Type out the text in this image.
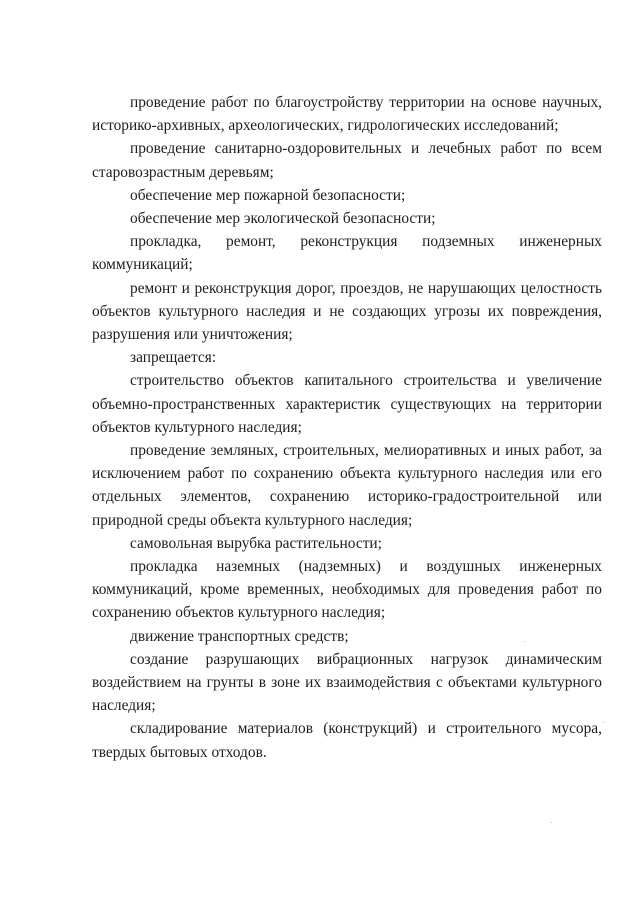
проведение работ по благоустройству территории на основе научных, историко-архивных, археологических, гидрологических исследований;

проведение санитарно-оздоровительных и лечебных работ по всем старовозрастным деревьям;

обеспечение мер пожарной безопасности;

обеспечение мер экологической безопасности;

прокладка, ремонт, реконструкция подземных инженерных коммуникаций;

ремонт и реконструкция дорог, проездов, не нарушающих целостность объектов культурного наследия и не создающих угрозы их повреждения, разрушения или уничтожения;

запрещается:

строительство объектов капитального строительства и увеличение объемно-пространственных характеристик существующих на территории объектов культурного наследия;

проведение земляных, строительных, мелиоративных и иных работ, за исключением работ по сохранению объекта культурного наследия или его отдельных элементов, сохранению историко-градостроительной или природной среды объекта культурного наследия;

самовольная вырубка растительности;

прокладка наземных (надземных) и воздушных инженерных коммуникаций, кроме временных, необходимых для проведения работ по сохранению объектов культурного наследия;

движение транспортных средств;

создание разрушающих вибрационных нагрузок динамическим воздействием на грунты в зоне их взаимодействия с объектами культурного наследия;

складирование материалов (конструкций) и строительного мусора, твердых бытовых отходов.
